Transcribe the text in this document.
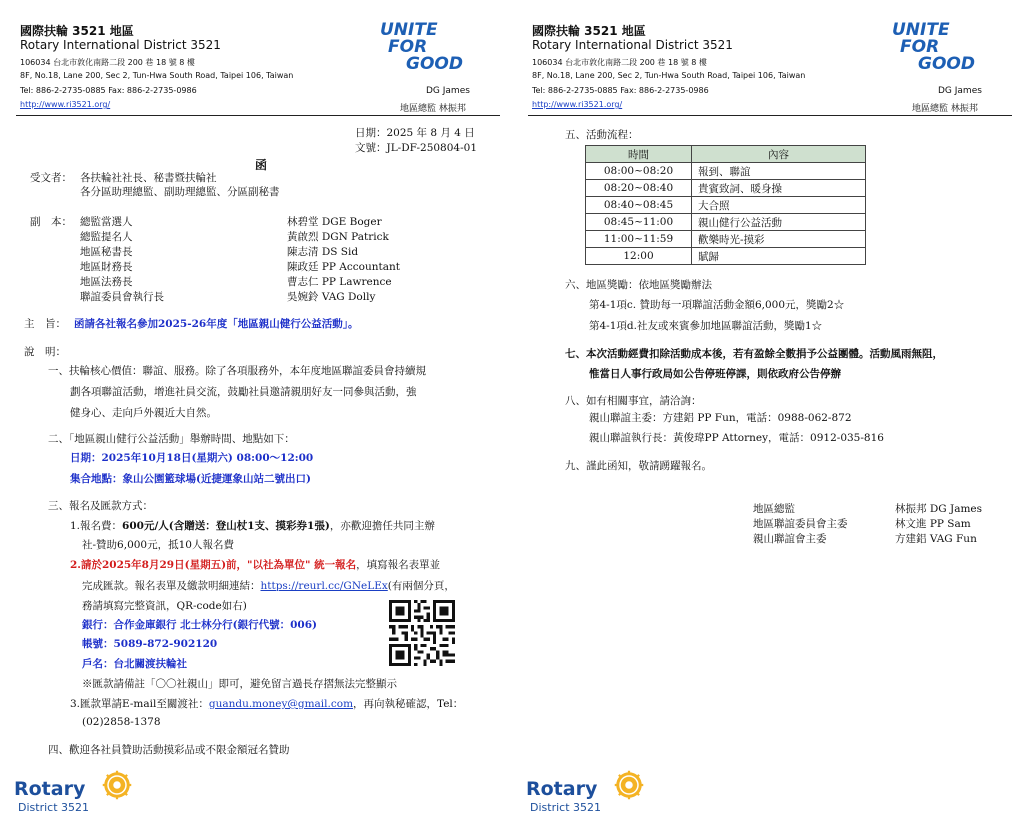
國際扶輪 3521 地區
Rotary International District 3521
106034 台北市敦化南路二段 200 巷 18 號 8 樓
8F, No.18, Lane 200, Sec 2, Tun-Hwa South Road, Taipei 106, Taiwan
Tel: 886-2-2735-0885 Fax: 886-2-2735-0986
http://www.ri3521.org/
UNITE
FOR
GOOD
DG James
地區總監 林振邦
日期：2025 年 8 月 4 日
文號：JL-DF-250804-01
函
受文者： 各扶輪社社長、秘書暨扶輪社
各分區助理總監、副助理總監、分區副秘書
副　本： 總監當選人	林碧堂 DGE Boger
總監提名人	黃啟烈 DGN Patrick
地區秘書長	陳志清 DS Sid
地區財務長	陳政廷 PP Accountant
地區法務長	曹志仁 PP Lawrence
聯誼委員會執行長	吳婉鈴 VAG Dolly
主　旨： 函請各社報名參加2025-26年度「地區親山健行公益活動」。
說　明：
一、扶輪核心價值：聯誼、服務。除了各項服務外，本年度地區聯誼委員會持續規
劃各項聯誼活動，增進社員交流，鼓勵社員邀請親朋好友一同參與活動，強
健身心、走向戶外親近大自然。
二、「地區親山健行公益活動」舉辦時間、地點如下：
日期：2025年10月18日(星期六) 08:00～12:00
集合地點：象山公園籃球場(近捷運象山站二號出口)
三、報名及匯款方式：
1.報名費：600元/人(含贈送：登山杖1支、摸彩券1張)，亦歡迎擔任共同主辦
社-贊助6,000元，抵10人報名費
2.請於2025年8月29日(星期五)前，"以社為單位" 統一報名，填寫報名表單並
完成匯款。報名表單及繳款明細連結：https://reurl.cc/GNeLEx(有兩個分頁，
務請填寫完整資訊，QR-code如右)
銀行：合作金庫銀行 北士林分行(銀行代號：006)
帳號：5089-872-902120
戶名：台北關渡扶輪社
※匯款請備註「〇〇社親山」即可，避免留言過長存摺無法完整顯示
3.匯款單請E-mail至關渡社：guandu.money@gmail.com，再向執秘確認，Tel：
(02)2858-1378
四、歡迎各社員贊助活動摸彩品或不限金額冠名贊助
Rotary
District 3521
國際扶輪 3521 地區
Rotary International District 3521
106034 台北市敦化南路二段 200 巷 18 號 8 樓
8F, No.18, Lane 200, Sec 2, Tun-Hwa South Road, Taipei 106, Taiwan
Tel: 886-2-2735-0885 Fax: 886-2-2735-0986
http://www.ri3521.org/
UNITE
FOR
GOOD
DG James
地區總監 林振邦
五、活動流程：
Rotary
District 3521
時間	內容
08:00~08:20	報到、聯誼
08:20~08:40	貴賓致詞、暖身操
08:40~08:45	大合照
08:45~11:00	親山健行公益活動
11:00~11:59	歡樂時光-摸彩
12:00	賦歸
六、地區獎勵：依地區獎勵辦法
第4-1項c. 贊助每一項聯誼活動金額6,000元，獎勵2☆
第4-1項d.社友或來賓參加地區聯誼活動，獎勵1☆
七、本次活動經費扣除活動成本後，若有盈餘全數捐予公益團體。活動風雨無阻，
惟當日人事行政局如公告停班停課，則依政府公告停辦
八、如有相關事宜，請洽詢：
親山聯誼主委：方建鋁 PP Fun，電話：0988-062-872
親山聯誼執行長：黃俊瑋PP Attorney，電話：0912-035-816
九、謹此函知，敬請踴躍報名。
地區總監	林振邦 DG James
地區聯誼委員會主委	林文進 PP Sam
親山聯誼會主委	方建鋁 VAG Fun
